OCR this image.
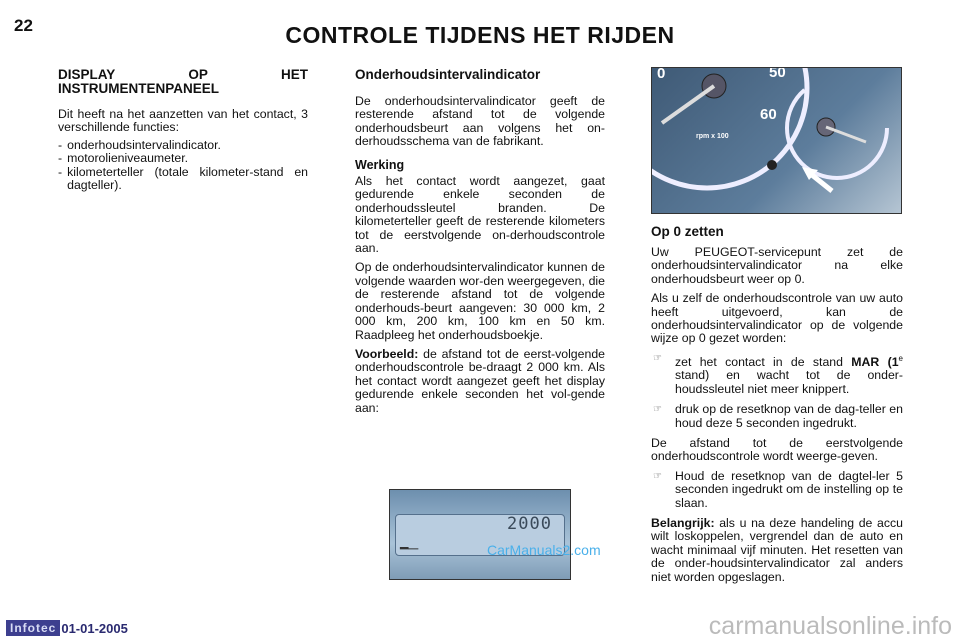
22	CONTROLE TIJDENS HET RIJDEN
DISPLAY OP HET INSTRUMENTENPANEEL

Dit heeft na het aanzetten van het contact, 3 verschillende functies:

- onderhoudsintervalindicator.
- motorolieniveaumeter.
- kilometerteller (totale kilometer-stand en dagteller).
Onderhoudsintervalindicator

De onderhoudsintervalindicator geeft de resterende afstand tot de volgende onderhoudsbeurt aan volgens het on-derhoudsschema van de fabrikant.

Werking

Als het contact wordt aangezet, gaat gedurende enkele seconden de onderhoudssleutel branden. De kilometerteller geeft de resterende kilometers tot de eerstvolgende on-derhoudscontrole aan.

Op de onderhoudsintervalindicator kunnen de volgende waarden wor-den weergegeven, die de resterende afstand tot de volgende onderhouds-beurt aangeven: 30 000 km, 2 000 km, 200 km, 100 km en 50 km. Raadpleeg het onderhoudsboekje.

Voorbeeld: de afstand tot de eerst-volgende onderhoudscontrole be-draagt 2 000 km. Als het contact wordt aangezet geeft het display gedurende enkele seconden het vol-gende aan:

2000
━─	CarManuals2.com
0	50
60
rpm x 100
Op 0 zetten

Uw PEUGEOT-servicepunt zet de onderhoudsintervalindicator na elke onderhoudsbeurt weer op 0.

Als u zelf de onderhoudscontrole van uw auto heeft uitgevoerd, kan de onderhoudsintervalindicator op de volgende wijze op 0 gezet worden:

☞	zet het contact in de stand MAR (1e stand) en wacht tot de onder-houdssleutel niet meer knippert.
☞	druk op de resetknop van de dag-teller en houd deze 5 seconden ingedrukt.

De afstand tot de eerstvolgende onderhoudscontrole wordt weerge-geven.

☞	Houd de resetknop van de dagtel-ler 5 seconden ingedrukt om de instelling op te slaan.

Belangrijk: als u na deze handeling de accu wilt loskoppelen, vergrendel dan de auto en wacht minimaal vijf minuten. Het resetten van de onder-houdsintervalindicator zal anders niet worden opgeslagen.

Infotec 01-01-2005	carmanualsonline.info
